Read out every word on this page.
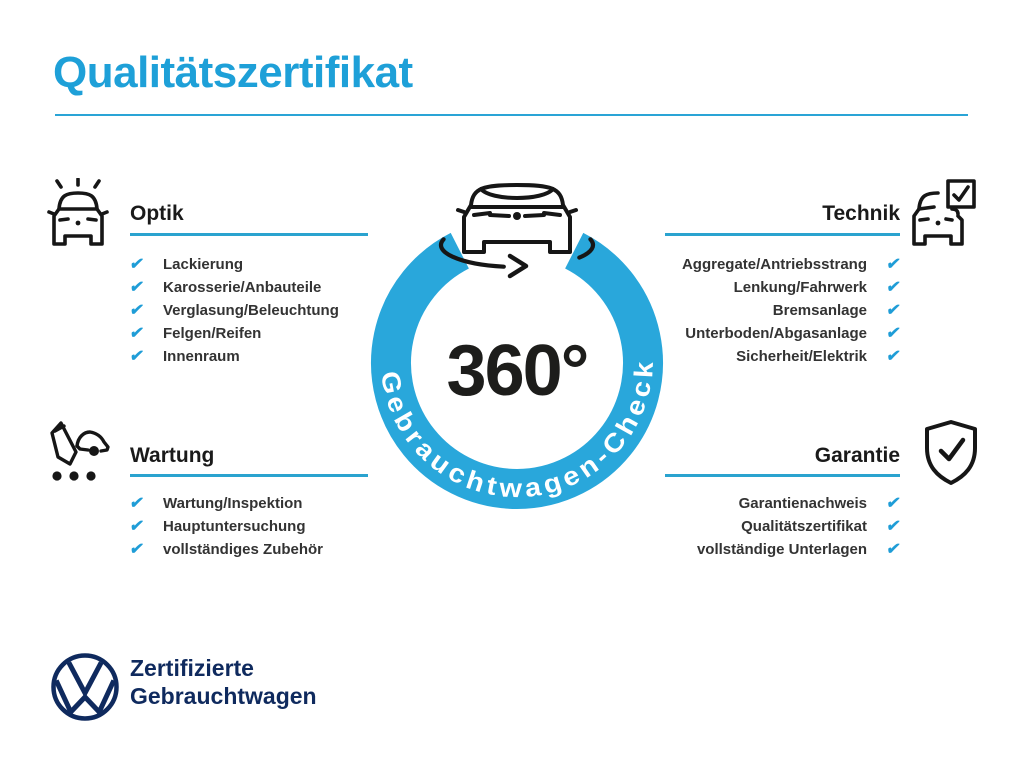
Qualitätszertifikat
Optik
✔	Lackierung
✔	Karosserie/Anbauteile
✔	Verglasung/Beleuchtung
✔	Felgen/Reifen
✔	Innenraum
Technik
Aggregate/Antriebsstrang	✔
Lenkung/Fahrwerk	✔
Bremsanlage	✔
Unterboden/Abgasanlage	✔
Sicherheit/Elektrik	✔
Wartung
✔	Wartung/Inspektion
✔	Hauptuntersuchung
✔	vollständiges Zubehör
Garantie
Garantienachweis	✔
Qualitätszertifikat	✔
vollständige Unterlagen	✔
Gebrauchtwagen-Check
360°
Zertifizierte
Gebrauchtwagen
